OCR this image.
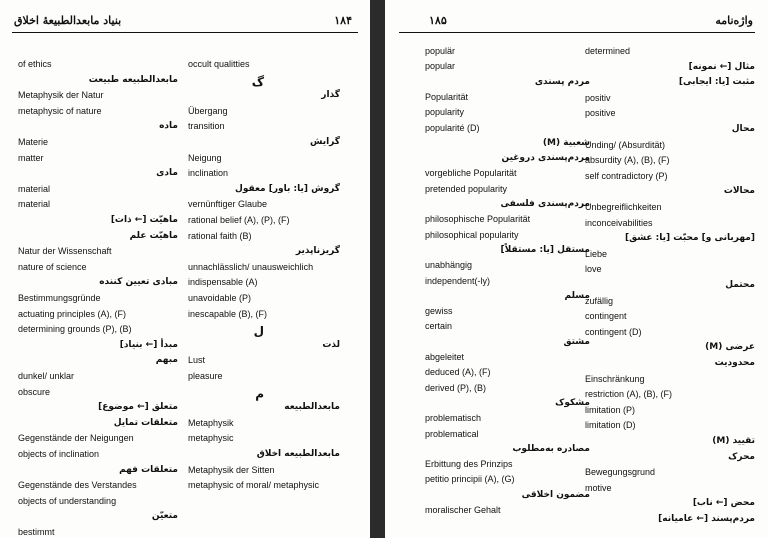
بنیاد مابعدالطبیعهٔ اخلاق	۱۸۴
of ethics
مابعدالطبیعه طبیعت
Metaphysik der Natur
metaphysic of nature
ماده
Materie
matter
مادی
material
material
ماهیّت [← ذات]
ماهیّت علم
Natur der Wissenschaft
nature of science
مبادی تعیین کننده
Bestimmungsgründe
actuating principles (A), (F)
determining grounds (P), (B)
مبدأ [← بنیاد]
مبهم
dunkel/ unklar
obscure
متعلق [← موضوع]
متعلقات تمایل
Gegenstände der Neigungen
objects of inclination
متعلقات فهم
Gegenstände des Verstandes
objects of understanding
متعیّن
bestimmt
occult qualitties
گ
گذار
Übergang
transition
گرایش
Neigung
inclination
گروش [یا: باور] معقول
vernünftiger Glaube
rational belief (A), (P), (F)
rational faith (B)
گریزناپذیر
unnachlässlich/ unausweichlich
indispensable (A)
unavoidable (P)
inescapable (B), (F)
ل
لذت
Lust
pleasure
م
مابعدالطبیعه
Metaphysik
metaphysic
مابعدالطبیعه اخلاق
Metaphysik der Sitten
metaphysic of moral/ metaphysic
۱۸۵	واژه‌نامه
populär
popular
مردم پسندی
Popularität
popularity
popularité (D)
شعبیة (M)
مردم‌پسندی دروغین
vorgebliche Popularität
pretended popularity
مردم‌پسندی فلسفی
philosophische Popularität
philosophical popularity
مستقل [یا: مستقلاً]
unabhängig
independent(-ly)
مسلم
gewiss
certain
مشتق
abgeleitet
deduced (A), (F)
derived (P), (B)
مشکوک
problematisch
problematical
مصادره به‌مطلوب
Erbittung des Prinzips
petitio principii (A), (G)
مضمون اخلاقی
moralischer Gehalt
determined
مثال [← نمونه]
مثبت [یا: ایجابی]
positiv
positive
محال
Unding/ (Absurdität)
absurdity (A), (B), (F)
self contradictory (P)
محالات
Unbegreiflichkeiten
inconceivabilities
[مهربانی و] محبّت [یا: عشق]
Liebe
love
محتمل
zufällig
contingent
contingent (D)
عرضی (M)
محدودیت
Einschränkung
restriction (A), (B), (F)
limitation (P)
limitation (D)
تقیید (M)
محرک
Bewegungsgrund
motive
محض [← ناب]
مردم‌پسند [← عامیانه]
